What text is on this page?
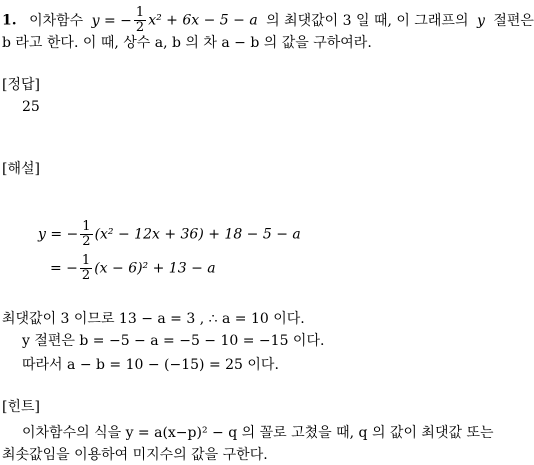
1. 이차함수 y = − $\frac{1}{2} x^2 + 6x - 5 - a$ 의 최댓값이 3 일 때, 이 그래프의 y 절편은
b 라고 한다. 이 때, 상수 a, b 의 차 a − b 의 값을 구하여라.
[정답]
25
[해설]
y = − $\frac{1}{2} (x^2 - 12x + 36) + 18 - 5 - a$
= − $\frac{1}{2} (x - 6)^2 + 13 - a$
최댓값이 3 이므로 13 − a = 3 , ∴ a = 10 이다.
y 절편은 b = −5 − a = −5 − 10 = −15 이다.
따라서 a − b = 10 − (−15) = 25 이다.
[힌트]
이차함수의 식을 y = a(x−p)² − q 의 꼴로 고쳤을 때, q 의 값이 최댓값 또는
최솟값임을 이용하여 미지수의 값을 구한다.
